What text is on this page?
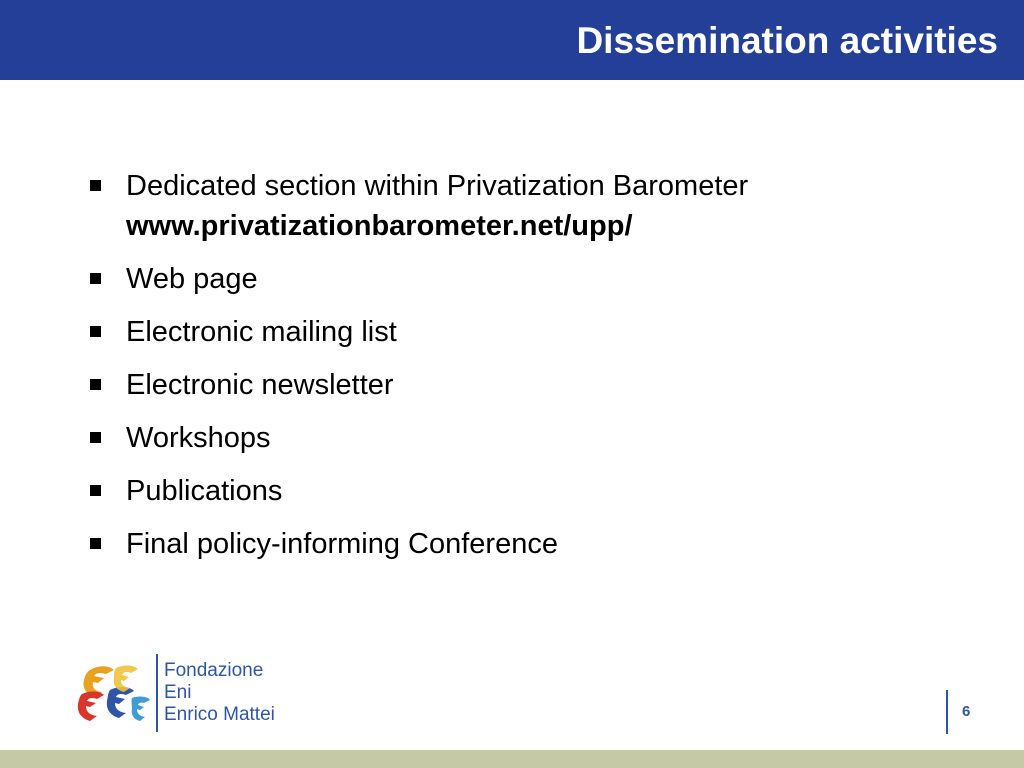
Dissemination activities
Dedicated section within Privatization Barometer
www.privatizationbarometer.net/upp/
Web page
Electronic mailing list
Electronic newsletter
Workshops
Publications
Final policy-informing Conference
Fondazione
Eni
Enrico Mattei	6
